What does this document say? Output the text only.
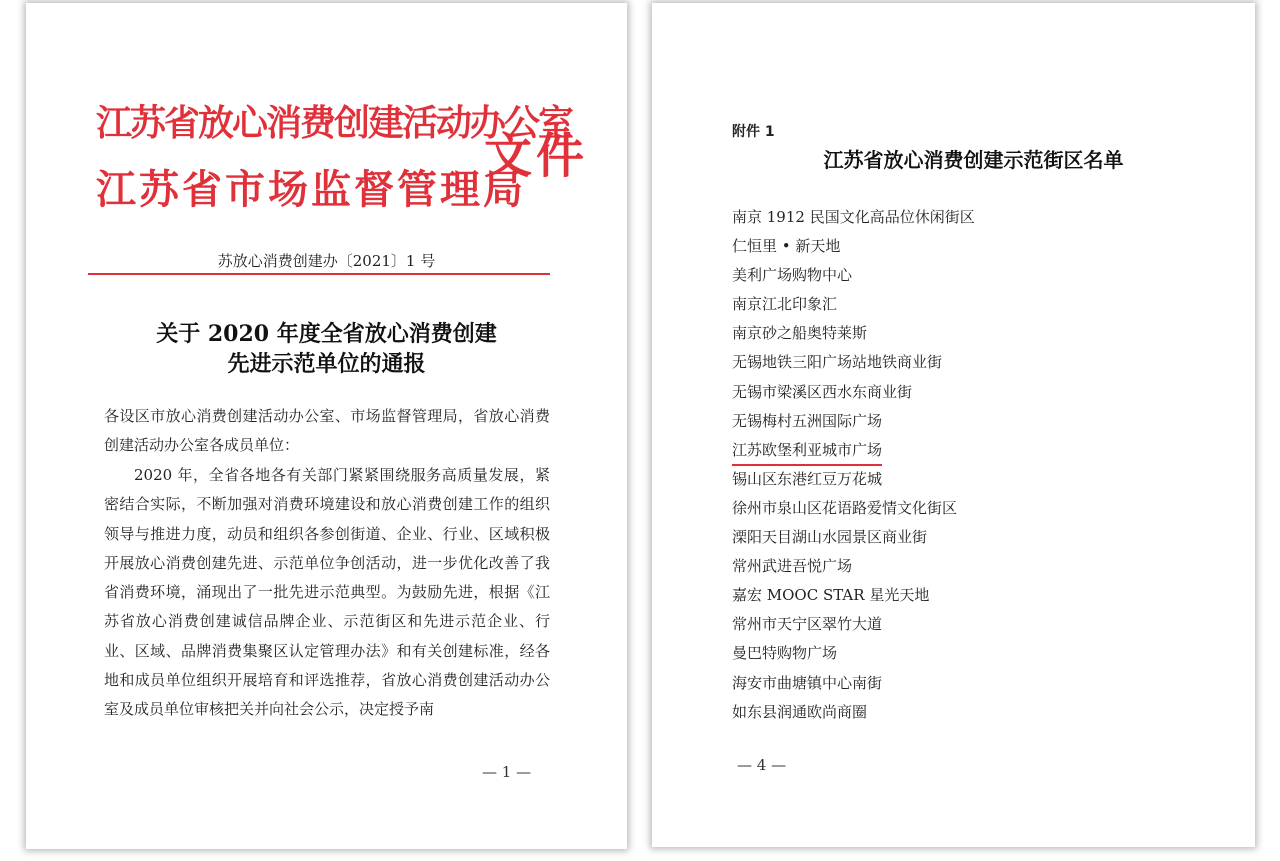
江苏省放心消费创建活动办公室
江苏省市场监督管理局
文件
苏放心消费创建办〔2021〕1 号
关于 2020 年度全省放心消费创建
先进示范单位的通报

各设区市放心消费创建活动办公室、市场监督管理局，省放心消费创建活动办公室各成员单位：

2020 年，全省各地各有关部门紧紧围绕服务高质量发展，紧密结合实际，不断加强对消费环境建设和放心消费创建工作的组织领导与推进力度，动员和组织各参创街道、企业、行业、区域积极开展放心消费创建先进、示范单位争创活动，进一步优化改善了我省消费环境，涌现出了一批先进示范典型。为鼓励先进，根据《江苏省放心消费创建诚信品牌企业、示范街区和先进示范企业、行业、区域、品牌消费集聚区认定管理办法》和有关创建标准，经各地和成员单位组织开展培育和评选推荐，省放心消费创建活动办公室及成员单位审核把关并向社会公示，决定授予南

— 1 —
附件 1
江苏省放心消费创建示范街区名单
南京 1912 民国文化高品位休闲街区
仁恒里 • 新天地
美利广场购物中心
南京江北印象汇
南京砂之船奥特莱斯
无锡地铁三阳广场站地铁商业街
无锡市梁溪区西水东商业街
无锡梅村五洲国际广场
江苏欧堡利亚城市广场
锡山区东港红豆万花城
徐州市泉山区花语路爱情文化街区
溧阳天目湖山水园景区商业街
常州武进吾悦广场
嘉宏 MOOC STAR 星光天地
常州市天宁区翠竹大道
曼巴特购物广场
海安市曲塘镇中心南街
如东县润通欧尚商圈
— 4 —
